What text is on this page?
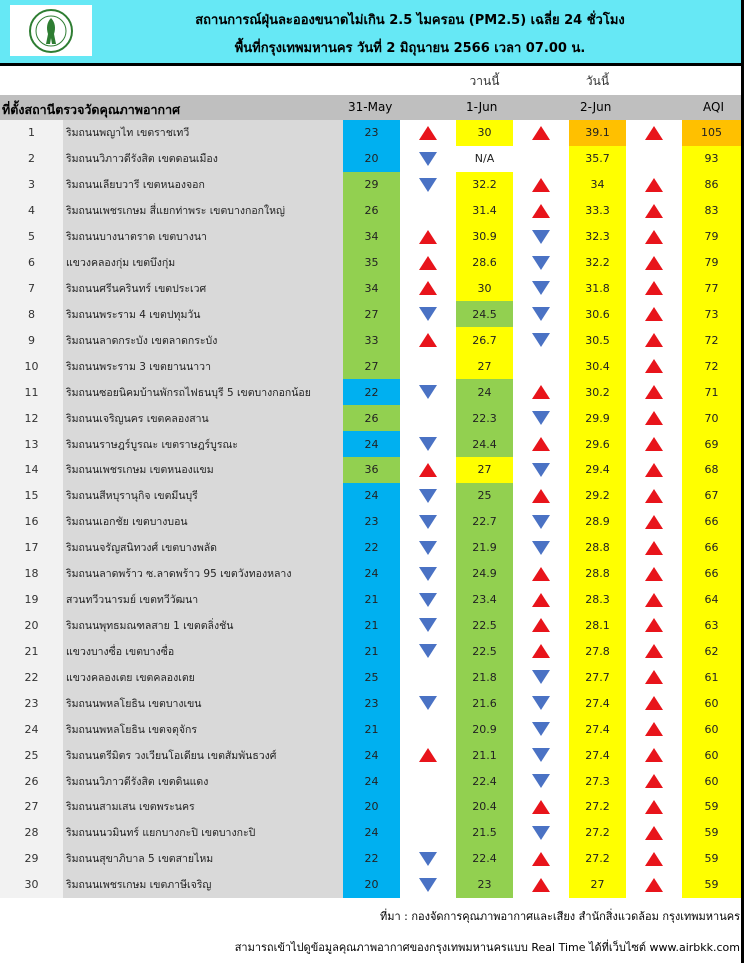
สถานการณ์ฝุ่นละอองขนาดไม่เกิน 2.5 ไมครอน (PM2.5) เฉลี่ย 24 ชั่วโมง
พื้นที่กรุงเทพมหานคร วันที่ 2 มิถุนายน 2566 เวลา 07.00 น.
วานนี้	วันนี้
ที่ตั้งสถานีตรวจวัดคุณภาพอากาศ	31-May	1-Jun	2-Jun	AQI
1	ริมถนนพญาไท เขตราชเทวี	23	30	39.1	105
2	ริมถนนวิภาวดีรังสิต เขตดอนเมือง	20	N/A	35.7	93
3	ริมถนนเลียบวารี เขตหนองจอก	29	32.2	34	86
4	ริมถนนเพชรเกษม สี่แยกท่าพระ เขตบางกอกใหญ่	26	31.4	33.3	83
5	ริมถนนบางนาตราด เขตบางนา	34	30.9	32.3	79
6	แขวงคลองกุ่ม เขตบึงกุ่ม	35	28.6	32.2	79
7	ริมถนนศรีนครินทร์ เขตประเวศ	34	30	31.8	77
8	ริมถนนพระราม 4 เขตปทุมวัน	27	24.5	30.6	73
9	ริมถนนลาดกระบัง เขตลาดกระบัง	33	26.7	30.5	72
10	ริมถนนพระราม 3 เขตยานนาวา	27	27	30.4	72
11	ริมถนนซอยนิคมบ้านพักรถไฟธนบุรี 5 เขตบางกอกน้อย	22	24	30.2	71
12	ริมถนนเจริญนคร เขตคลองสาน	26	22.3	29.9	70
13	ริมถนนราษฎร์บูรณะ เขตราษฎร์บูรณะ	24	24.4	29.6	69
14	ริมถนนเพชรเกษม เขตหนองแขม	36	27	29.4	68
15	ริมถนนสีหบุรานุกิจ เขตมีนบุรี	24	25	29.2	67
16	ริมถนนเอกชัย เขตบางบอน	23	22.7	28.9	66
17	ริมถนนจรัญสนิทวงศ์ เขตบางพลัด	22	21.9	28.8	66
18	ริมถนนลาดพร้าว ซ.ลาดพร้าว 95 เขตวังทองหลาง	24	24.9	28.8	66
19	สวนทวีวนารมย์ เขตทวีวัฒนา	21	23.4	28.3	64
20	ริมถนนพุทธมณฑลสาย 1 เขตตลิ่งชัน	21	22.5	28.1	63
21	แขวงบางซื่อ เขตบางซื่อ	21	22.5	27.8	62
22	แขวงคลองเตย เขตคลองเตย	25	21.8	27.7	61
23	ริมถนนพหลโยธิน เขตบางเขน	23	21.6	27.4	60
24	ริมถนนพหลโยธิน เขตจตุจักร	21	20.9	27.4	60
25	ริมถนนตรีมิตร วงเวียนโอเดียน เขตสัมพันธวงศ์	24	21.1	27.4	60
26	ริมถนนวิภาวดีรังสิต เขตดินแดง	24	22.4	27.3	60
27	ริมถนนสามเสน เขตพระนคร	20	20.4	27.2	59
28	ริมถนนนวมินทร์ แยกบางกะปิ เขตบางกะปิ	24	21.5	27.2	59
29	ริมถนนสุขาภิบาล 5 เขตสายไหม	22	22.4	27.2	59
30	ริมถนนเพชรเกษม เขตภาษีเจริญ	20	23	27	59
ที่มา : กองจัดการคุณภาพอากาศและเสียง สำนักสิ่งแวดล้อม กรุงเทพมหานคร
สามารถเข้าไปดูข้อมูลคุณภาพอากาศของกรุงเทพมหานครแบบ Real Time ได้ที่เว็บไซต์ www.airbkk.com
